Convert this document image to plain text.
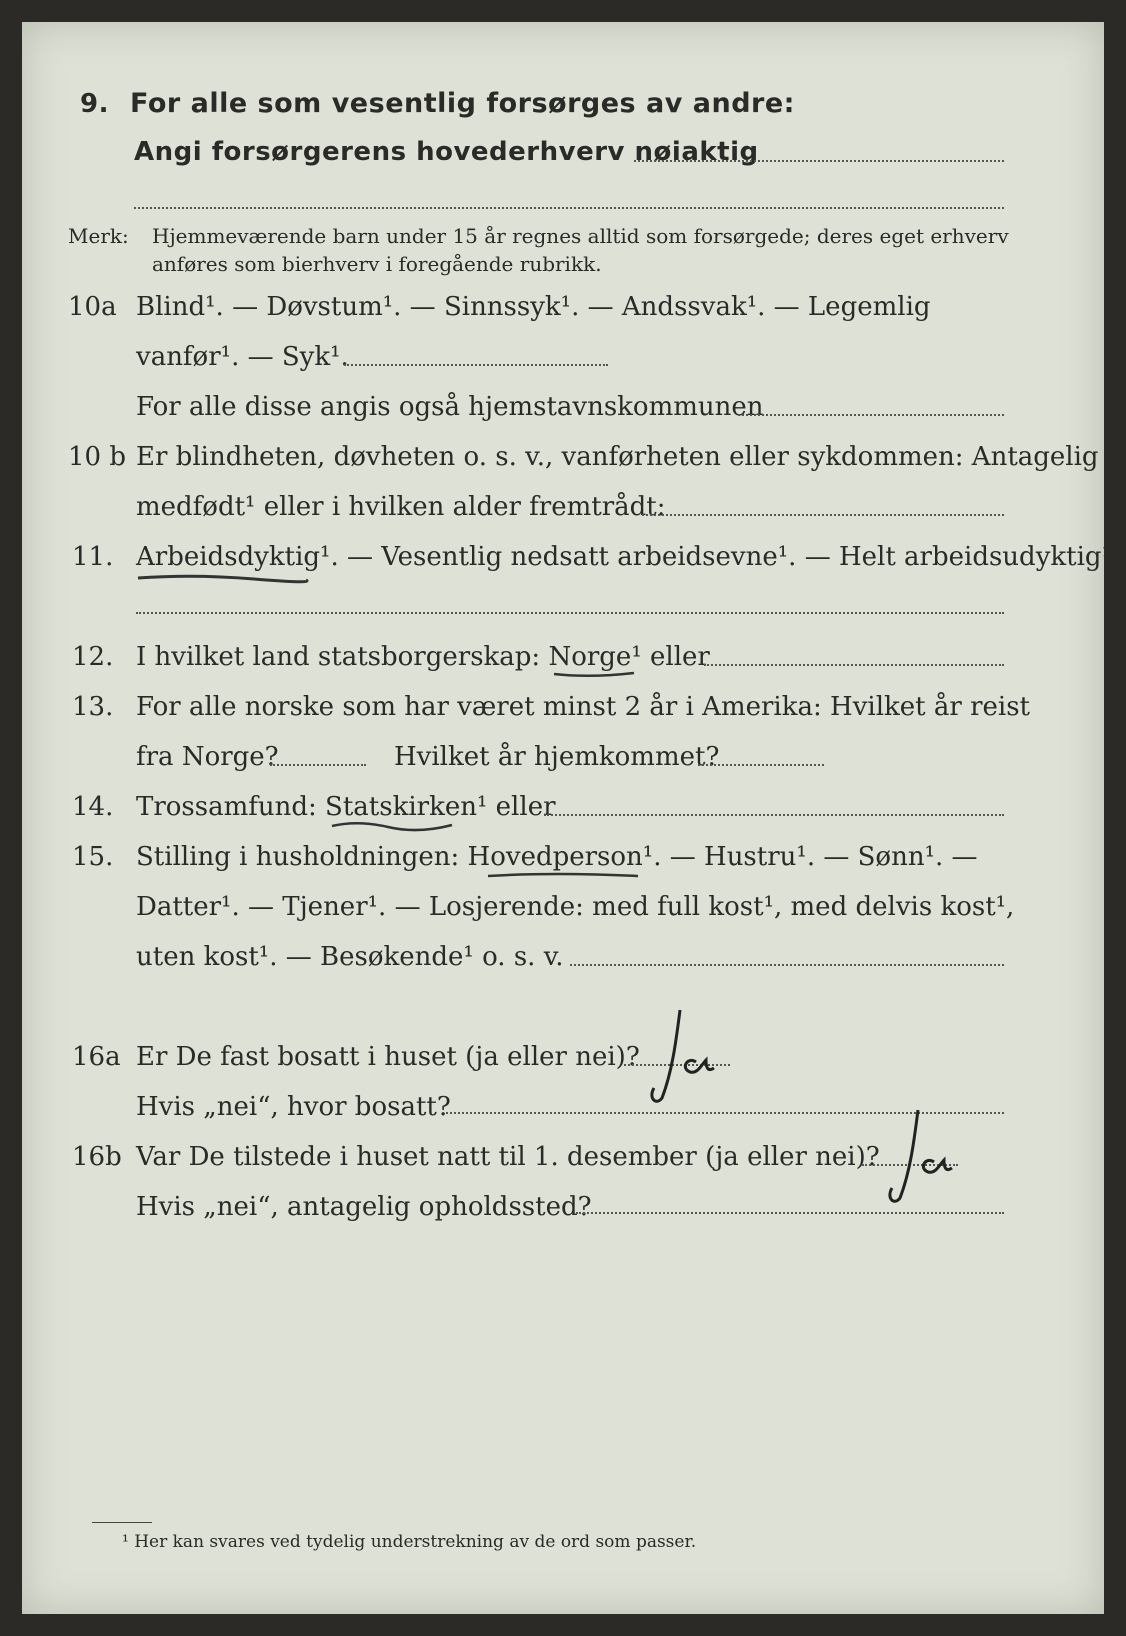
9. For alle som vesentlig forsørges av andre:
Angi forsørgerens hovederhverv nøiaktig
Merk: Hjemmeværende barn under 15 år regnes alltid som forsørgede; deres eget erhverv
anføres som bierhverv i foregående rubrikk.
10a Blind¹. — Døvstum¹. — Sinnssyk¹. — Andssvak¹. — Legemlig
vanfør¹. — Syk¹.
For alle disse angis også hjemstavnskommunen
10 b Er blindheten, døvheten o. s. v., vanførheten eller sykdommen: Antagelig
medfødt¹ eller i hvilken alder fremtrådt:
11. Arbeidsdyktig¹. — Vesentlig nedsatt arbeidsevne¹. — Helt arbeidsudyktig¹.
12. I hvilket land statsborgerskap: Norge¹ eller
13. For alle norske som har været minst 2 år i Amerika: Hvilket år reist
fra Norge?	Hvilket år hjemkommet?
14. Trossamfund: Statskirken¹ eller
15. Stilling i husholdningen: Hovedperson¹. — Hustru¹. — Sønn¹. —
Datter¹. — Tjener¹. — Losjerende: med full kost¹, med delvis kost¹,
uten kost¹. — Besøkende¹ o. s. v.
16a Er De fast bosatt i huset (ja eller nei)?
Hvis „nei“, hvor bosatt?
16b Var De tilstede i huset natt til 1. desember (ja eller nei)?
Hvis „nei“, antagelig opholdssted?
¹ Her kan svares ved tydelig understrekning av de ord som passer.
